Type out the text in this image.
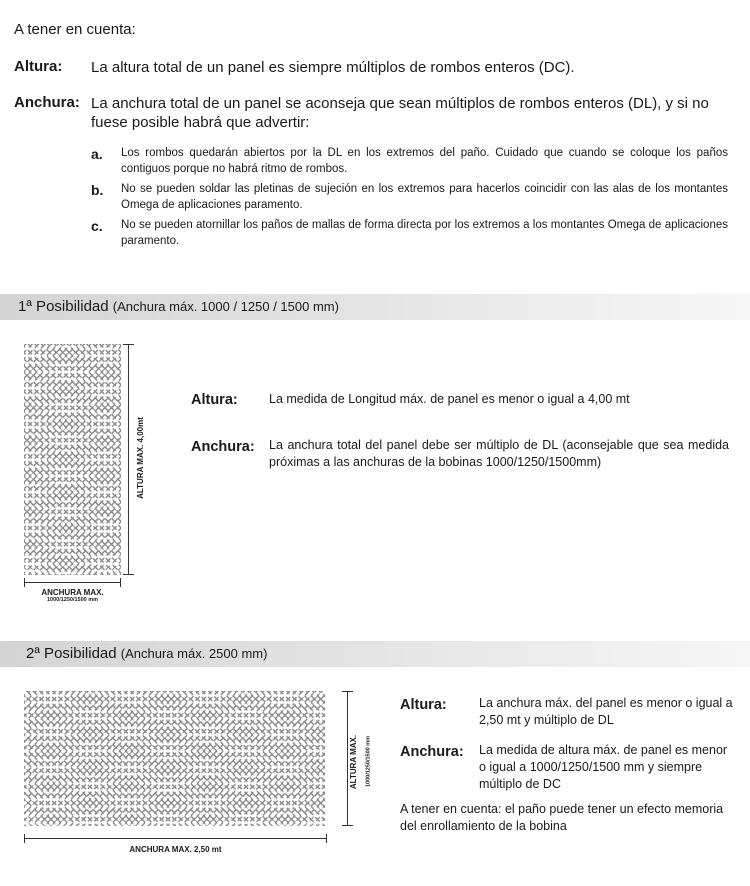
A tener en cuenta:
Altura: La altura total de un panel es siempre múltiplos de rombos enteros (DC).
Anchura: La anchura total de un panel se aconseja que sean múltiplos de rombos enteros (DL), y si no fuese posible habrá que advertir:
a. Los rombos quedarán abiertos por la DL en los extremos del paño. Cuidado que cuando se coloque los paños contiguos porque no habrá ritmo de rombos.
b. No se pueden soldar las pletinas de sujeción en los extremos para hacerlos coincidir con las alas de los montantes Omega de aplicaciones paramento.
c. No se pueden atornillar los paños de mallas de forma directa por los extremos a los montantes Omega de aplicaciones paramento.
1ª Posibilidad (Anchura máx. 1000 / 1250 / 1500 mm)
ALTURA MAX. 4,00mt
ANCHURA MAX.
1000/1250/1500 mm
Altura:	La medida de Longitud máx. de panel es menor o igual a 4,00 mt
Anchura: La anchura total del panel debe ser múltiplo de DL (aconsejable que sea medida próximas a las anchuras de la bobinas 1000/1250/1500mm)
2ª Posibilidad (Anchura máx. 2500 mm)
ALTURA MAX.	1000/1250/1500 mm
ANCHURA MAX. 2,50 mt
Altura:	La anchura máx. del panel es menor o igual a 2,50 mt y múltiplo de DL
Anchura: La medida de altura máx. de panel es menor o igual a 1000/1250/1500 mm y siempre múltiplo de DC
A tener en cuenta: el paño puede tener un efecto memoria del enrollamiento de la bobina
